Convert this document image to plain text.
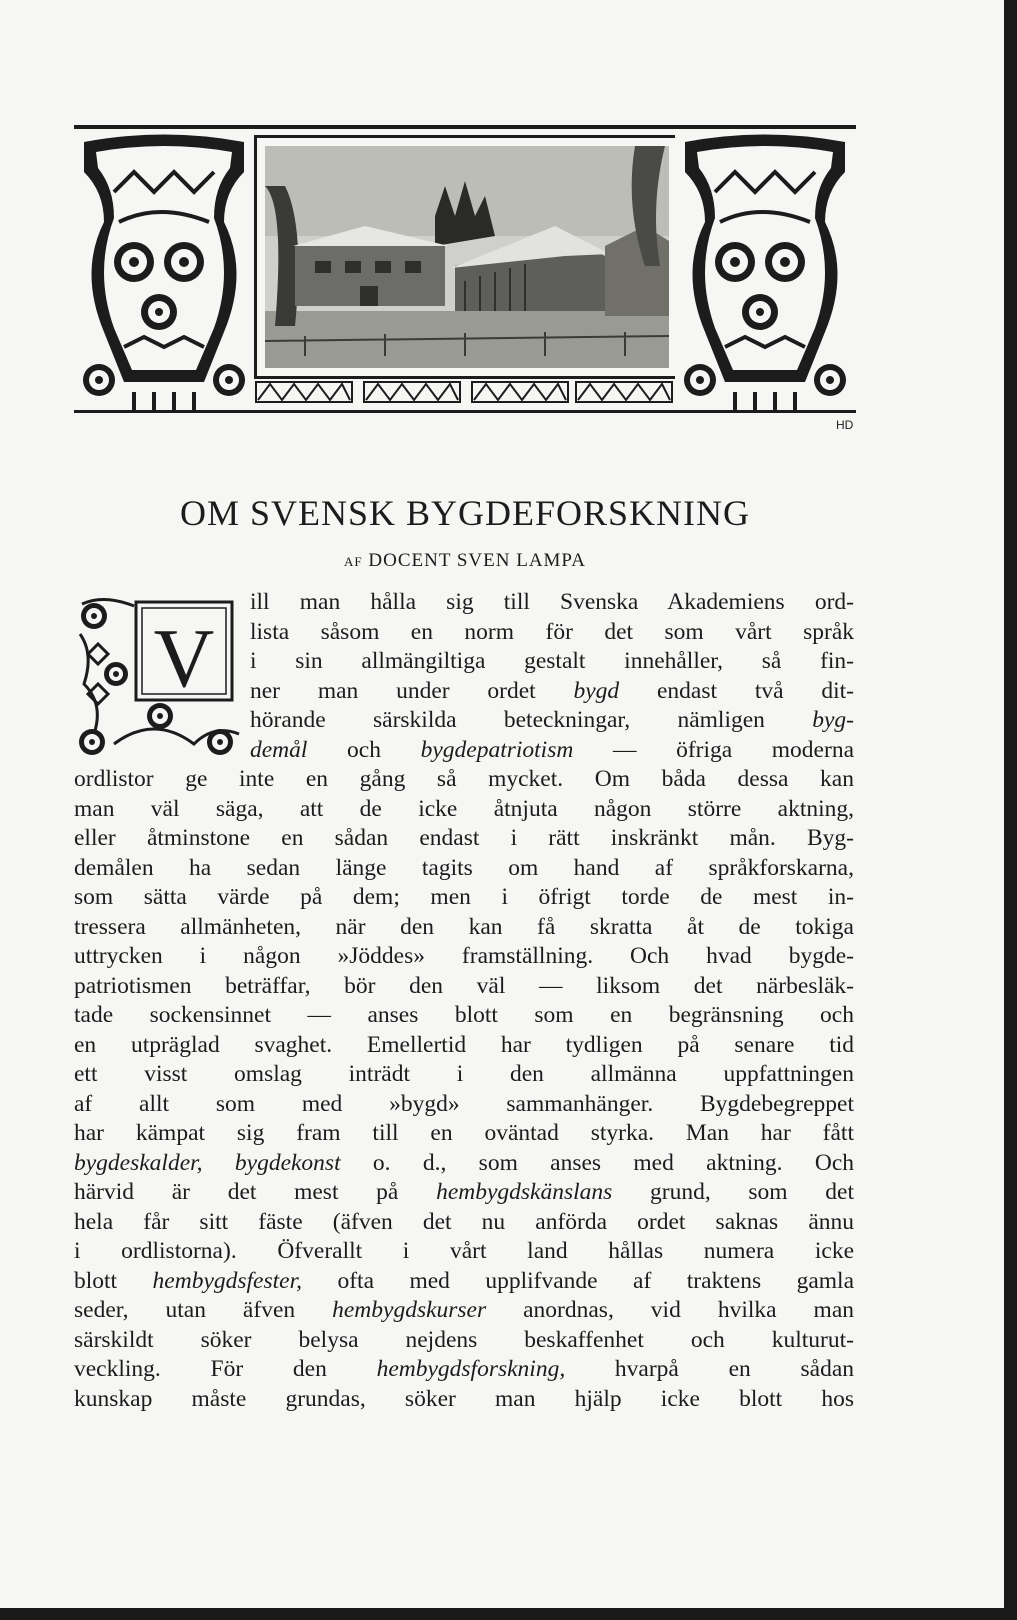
HD
OM SVENSK BYGDEFORSKNING
AF DOCENT SVEN LAMPA
V
ill man hålla sig till Svenska Akademiens ord-
lista såsom en norm för det som vårt språk
i sin allmängiltiga gestalt innehåller, så fin-
ner man under ordet bygd endast två dit-
hörande särskilda beteckningar, nämligen byg-
demål och bygdepatriotism — öfriga moderna
ordlistor ge inte en gång så mycket. Om båda dessa kan
man väl säga, att de icke åtnjuta någon större aktning,
eller åtminstone en sådan endast i rätt inskränkt mån. Byg-
demålen ha sedan länge tagits om hand af språkforskarna,
som sätta värde på dem; men i öfrigt torde de mest in-
tressera allmänheten, när den kan få skratta åt de tokiga
uttrycken i någon »Jöddes» framställning. Och hvad bygde-
patriotismen beträffar, bör den väl — liksom det närbesläk-
tade sockensinnet — anses blott som en begränsning och
en utpräglad svaghet. Emellertid har tydligen på senare tid
ett visst omslag inträdt i den allmänna uppfattningen
af allt som med »bygd» sammanhänger. Bygdebegreppet
har kämpat sig fram till en oväntad styrka. Man har fått
bygdeskalder, bygdekonst o. d., som anses med aktning. Och
härvid är det mest på hembygdskänslans grund, som det
hela får sitt fäste (äfven det nu anförda ordet saknas ännu
i ordlistorna). Öfverallt i vårt land hållas numera icke
blott hembygdsfester, ofta med upplifvande af traktens gamla
seder, utan äfven hembygdskurser anordnas, vid hvilka man
särskildt söker belysa nejdens beskaffenhet och kulturut-
veckling. För den hembygdsforskning, hvarpå en sådan
kunskap måste grundas, söker man hjälp icke blott hos
